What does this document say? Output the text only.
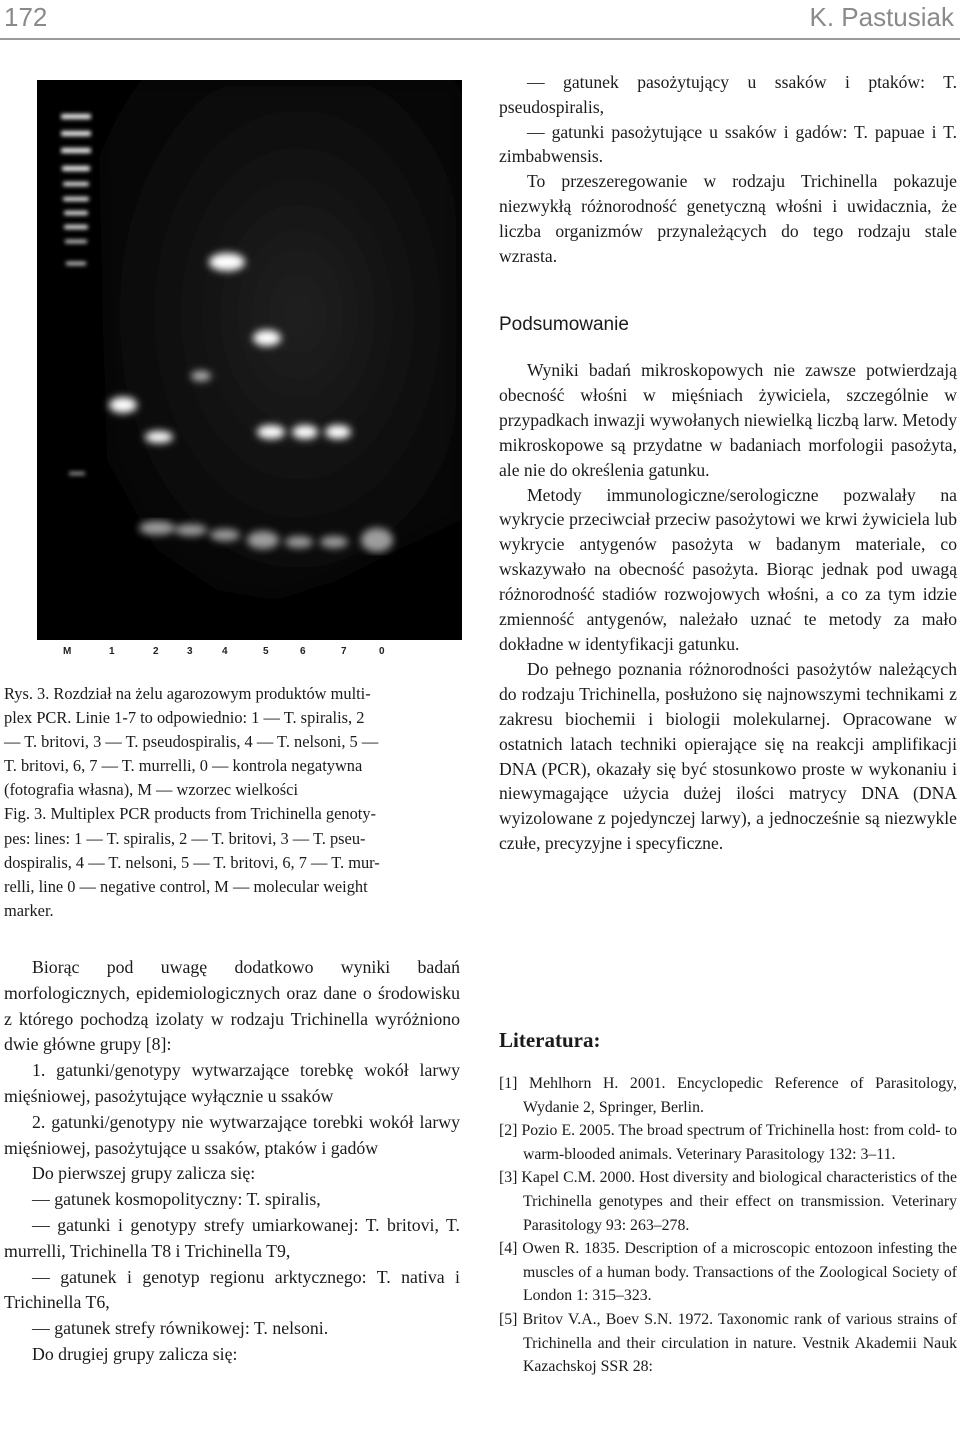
172	K. Pastusiak
M	1	2	3	4	5	6	7	0
Rys. 3. Rozdział na żelu agarozowym produktów multi-
plex PCR. Linie 1-7 to odpowiednio: 1 — T. spiralis, 2
— T. britovi, 3 — T. pseudospiralis, 4 — T. nelsoni, 5 —
T. britovi, 6, 7 — T. murrelli, 0 — kontrola negatywna
(fotografia własna), M — wzorzec wielkości
Fig. 3. Multiplex PCR products from Trichinella genoty-
pes: lines: 1 — T. spiralis, 2 — T. britovi, 3 — T. pseu-
dospiralis, 4 — T. nelsoni, 5 — T. britovi, 6, 7 — T. mur-
relli, line 0 — negative control, M — molecular weight
marker.

Biorąc pod uwagę dodatkowo wyniki badań morfologicznych, epidemiologicznych oraz dane o środowisku z którego pochodzą izolaty w rodzaju Trichinella wyróżniono dwie główne grupy [8]:

1. gatunki/genotypy wytwarzające torebkę wokół larwy mięśniowej, pasożytujące wyłącznie u ssaków

2. gatunki/genotypy nie wytwarzające torebki wokół larwy mięśniowej, pasożytujące u ssaków, ptaków i gadów

Do pierwszej grupy zalicza się:

— gatunek kosmopolityczny: T. spiralis,

— gatunki i genotypy strefy umiarkowanej: T. britovi, T. murrelli, Trichinella T8 i Trichinella T9,

— gatunek i genotyp regionu arktycznego: T. nativa i Trichinella T6,

— gatunek strefy równikowej: T. nelsoni.

Do drugiej grupy zalicza się:

— gatunek pasożytujący u ssaków i ptaków: T. pseudospiralis,

— gatunki pasożytujące u ssaków i gadów: T. papuae i T. zimbabwensis.

To przeszeregowanie w rodzaju Trichinella pokazuje niezwykłą różnorodność genetyczną włośni i uwidacznia, że liczba organizmów przynależących do tego rodzaju stale wzrasta.

Podsumowanie

Wyniki badań mikroskopowych nie zawsze potwierdzają obecność włośni w mięśniach żywiciela, szczególnie w przypadkach inwazji wywołanych niewielką liczbą larw. Metody mikroskopowe są przydatne w badaniach morfologii pasożyta, ale nie do określenia gatunku.

Metody immunologiczne/serologiczne pozwalały na wykrycie przeciwciał przeciw pasożytowi we krwi żywiciela lub wykrycie antygenów pasożyta w badanym materiale, co wskazywało na obecność pasożyta. Biorąc jednak pod uwagą różnorodność stadiów rozwojowych włośni, a co za tym idzie zmienność antygenów, należało uznać te metody za mało dokładne w identyfikacji gatunku.

Do pełnego poznania różnorodności pasożytów należących do rodzaju Trichinella, posłużono się najnowszymi technikami z zakresu biochemii i biologii molekularnej. Opracowane w ostatnich latach techniki opierające się na reakcji amplifikacji DNA (PCR), okazały się być stosunkowo proste w wykonaniu i niewymagające użycia dużej ilości matrycy DNA (DNA wyizolowane z pojedynczej larwy), a jednocześnie są niezwykle czułe, precyzyjne i specyficzne.

Literatura:

[1] Mehlhorn H. 2001. Encyclopedic Reference of Parasitology, Wydanie 2, Springer, Berlin.

[2] Pozio E. 2005. The broad spectrum of Trichinella host: from cold- to warm-blooded animals. Veterinary Parasitology 132: 3–11.

[3] Kapel C.M. 2000. Host diversity and biological characteristics of the Trichinella genotypes and their effect on transmission. Veterinary Parasitology 93: 263–278.

[4] Owen R. 1835. Description of a microscopic entozoon infesting the muscles of a human body. Transactions of the Zoological Society of London 1: 315–323.

[5] Britov V.A., Boev S.N. 1972. Taxonomic rank of various strains of Trichinella and their circulation in nature. Vestnik Akademii Nauk Kazachskoj SSR 28:
